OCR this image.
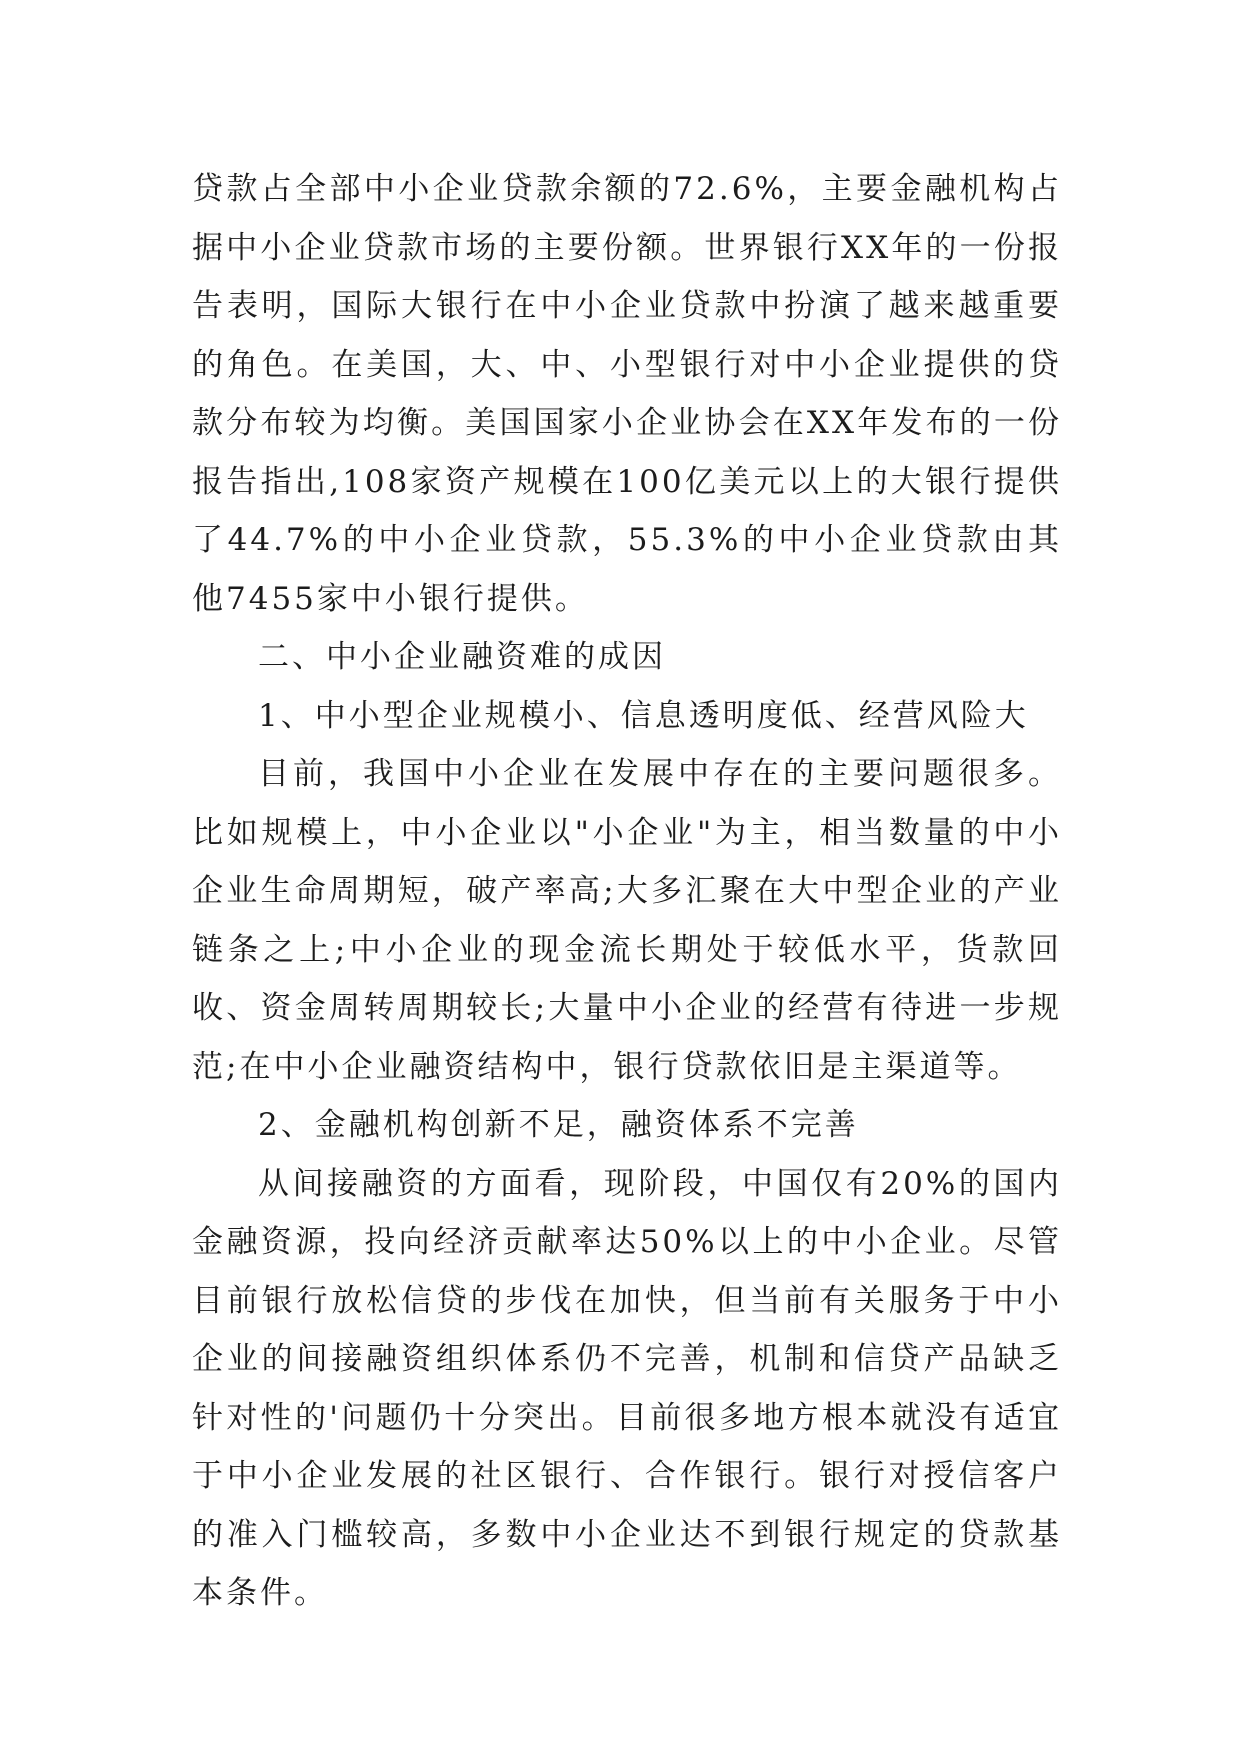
贷款占全部中小企业贷款余额的72.6%，主要金融机构占据中小企业贷款市场的主要份额。世界银行XX年的一份报告表明，国际大银行在中小企业贷款中扮演了越来越重要的角色。在美国，大、中、小型银行对中小企业提供的贷款分布较为均衡。美国国家小企业协会在XX年发布的一份报告指出,108家资产规模在100亿美元以上的大银行提供了44.7%的中小企业贷款，55.3%的中小企业贷款由其他7455家中小银行提供。

二、中小企业融资难的成因

1、中小型企业规模小、信息透明度低、经营风险大

目前，我国中小企业在发展中存在的主要问题很多。比如规模上，中小企业以"小企业"为主，相当数量的中小企业生命周期短，破产率高;大多汇聚在大中型企业的产业链条之上;中小企业的现金流长期处于较低水平，货款回收、资金周转周期较长;大量中小企业的经营有待进一步规范;在中小企业融资结构中，银行贷款依旧是主渠道等。

2、金融机构创新不足，融资体系不完善

从间接融资的方面看，现阶段，中国仅有20%的国内金融资源，投向经济贡献率达50%以上的中小企业。尽管目前银行放松信贷的步伐在加快，但当前有关服务于中小企业的间接融资组织体系仍不完善，机制和信贷产品缺乏针对性的'问题仍十分突出。目前很多地方根本就没有适宜于中小企业发展的社区银行、合作银行。银行对授信客户的准入门槛较高，多数中小企业达不到银行规定的贷款基本条件。
